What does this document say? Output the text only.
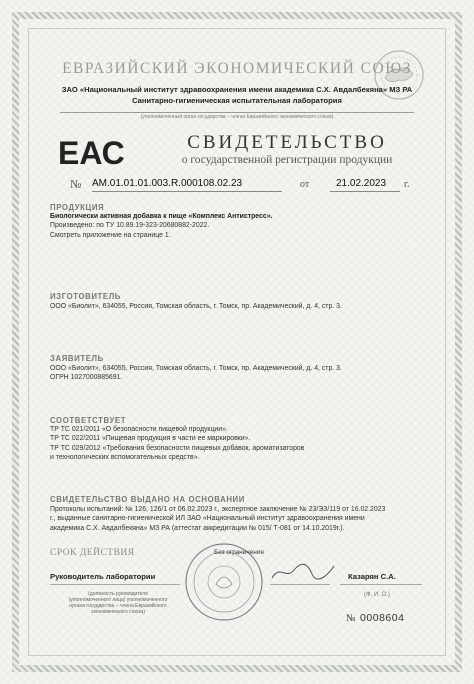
ЕВРАЗИЙСКИЙ ЭКОНОМИЧЕСКИЙ СОЮЗ
ЗАО «Национальный институт здравоохранения имени академика С.Х. Авдалбекяна» МЗ РА
Санитарно-гигиеническая испытательная лаборатория
(уполномоченный орган государства – члена Евразийского экономического союза)
ЕАС	СВИДЕТЕЛЬСТВО
о государственной регистрации продукции
№ AM.01.01.01.003.R.000108.02.23	от	21.02.2023 г.
ПРОДУКЦИЯ
Биологически активная добавка к пище «Комплекс Антистресс».
Произведено: по ТУ 10.89.19-323-20680882-2022.
Смотреть приложение на странице 1.
ИЗГОТОВИТЕЛЬ
ООО «Биолит», 634055, Россия, Томская область, г. Томск, пр. Академический, д. 4, стр. 3.
ЗАЯВИТЕЛЬ
ООО «Биолит», 634055, Россия, Томская область, г. Томск, пр. Академический, д. 4, стр. 3.
ОГРН 1027000885691.
СООТВЕТСТВУЕТ
ТР ТС 021/2011 «О безопасности пищевой продукции».
ТР ТС 022/2011 «Пищевая продукция в части ее маркировки».
ТР ТС 029/2012 «Требования безопасности пищевых добавок, ароматизаторов
и технологических вспомогательных средств».
СВИДЕТЕЛЬСТВО ВЫДАНО НА ОСНОВАНИИ
Протоколы испытаний: № 126, 126/1 от 06.02.2023 г., экспертное заключение № 23/ЭЗ/119 от 16.02.2023
г., выданные санитарно-гигиенической ИЛ ЗАО «Национальный институт здравоохранения имени
академика С.Х. Авдалбекяна» МЗ РА (аттестат аккредитации № 015/ Т-081 от 14.10.2019г.).
СРОК ДЕЙСТВИЯ	Без ограничения
Руководитель лаборатории
(должность руководителя
(уполномоченного лица) уполномоченного
органа государства – члена Евразийского
экономического союза)
Казарян С.А.
(Ф. И. О.)
№ 0008604
